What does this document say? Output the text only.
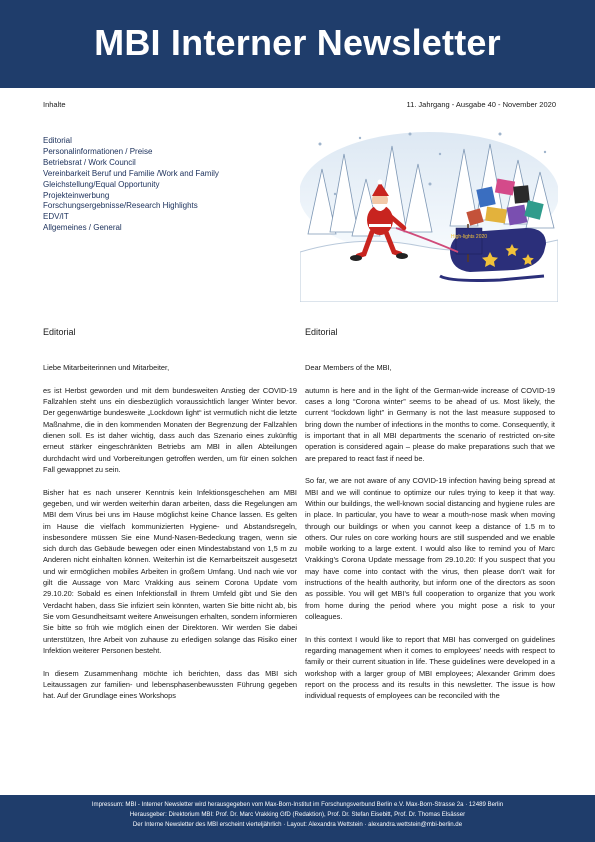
MBI Interner Newsletter
Inhalte	11. Jahrgang - Ausgabe 40 - November 2020
Editorial
Personalinformationen / Preise
Betriebsrat / Work Council
Vereinbarkeit Beruf und Familie /Work and Family
Gleichstellung/Equal Opportunity
Projekteinwerbung
Forschungsergebnisse/Research Highlights
EDV/IT
Allgemeines / General
High-lights 2020
Editorial	Editorial

Liebe Mitarbeiterinnen und Mitarbeiter,

es ist Herbst geworden und mit dem bundesweiten Anstieg der COVID-19 Fallzahlen steht uns ein diesbezüglich voraussichtlich langer Winter bevor. Der gegenwärtige bundesweite „Lockdown light“ ist vermutlich nicht die letzte Maßnahme, die in den kommenden Monaten der Begrenzung der Fallzahlen dienen soll. Es ist daher wichtig, dass auch das Szenario eines zukünftig erneut stärker eingeschränkten Betriebs am MBI in allen Abteilungen durchdacht wird und Vorbereitungen getroffen werden, um für einen solchen Fall gewappnet zu sein.

Bisher hat es nach unserer Kenntnis kein Infektionsgeschehen am MBI gegeben, und wir werden weiterhin daran arbeiten, dass die Regelungen am MBI dem Virus bei uns im Hause möglichst keine Chance lassen. Es gelten im Hause die vielfach kommunizierten Hygiene- und Abstandsregeln, insbesondere müssen Sie eine Mund-Nasen-Bedeckung tragen, wenn sie sich durch das Gebäude bewegen oder einen Mindestabstand von 1,5 m zu Anderen nicht einhalten können. Weiterhin ist die Kernarbeitszeit ausgesetzt und wir ermöglichen mobiles Arbeiten in großem Umfang. Und nach wie vor gilt die Aussage von Marc Vrakking aus seinem Corona Update vom 29.10.20: Sobald es einen Infektionsfall in Ihrem Umfeld gibt und Sie den Verdacht haben, dass Sie infiziert sein könnten, warten Sie bitte nicht ab, bis Sie vom Gesundheitsamt weitere Anweisungen erhalten, sondern informieren Sie bitte so früh wie möglich einen der Direktoren. Wir werden Sie dabei unterstützen, Ihre Arbeit von zuhause zu erledigen solange das Risiko einer Infektion weiterer Personen besteht.

In diesem Zusammenhang möchte ich berichten, dass das MBI sich Leitaussagen zur familien- und lebensphasenbewussten Führung gegeben hat. Auf der Grundlage eines Workshops

Dear Members of the MBI,

autumn is here and in the light of the German-wide increase of COVID-19 cases a long “Corona winter” seems to be ahead of us. Most likely, the current “lockdown light” in Germany is not the last measure supposed to bring down the number of infections in the months to come. Consequently, it is important that in all MBI departments the scenario of restricted on-site operation is considered again – please do make preparations such that we are prepared to react fast if need be.

So far, we are not aware of any COVID-19 infection having being spread at MBI and we will continue to optimize our rules trying to keep it that way. Within our buildings, the well-known social distancing and hygiene rules are in place. In particular, you have to wear a mouth-nose mask when moving through our buildings or when you cannot keep a distance of 1.5 m to others. Our rules on core working hours are still suspended and we enable mobile working to a large extent. I would also like to remind you of Marc Vrakking’s Corona Update message from 29.10.20: If you suspect that you may have come into contact with the virus, then please don’t wait for instructions of the health authority, but inform one of the directors as soon as possible. You will get MBI’s full cooperation to organize that you work from home during the period where you might pose a risk to your colleagues.

In this context I would like to report that MBI has converged on guidelines regarding management when it comes to employees’ needs with respect to family or their current situation in life. These guidelines were developed in a workshop with a larger group of MBI employees; Alexander Grimm does report on the process and its results in this newsletter. The issue is how individual requests of employees can be reconciled with the

Impressum: MBI - Interner Newsletter wird herausgegeben vom Max-Born-Institut im Forschungsverbund Berlin e.V. Max-Born-Strasse 2a · 12489 Berlin
Herausgeber: Direktorium MBI: Prof. Dr. Marc Vrakking GfD (Redaktion), Prof. Dr. Stefan Eisebitt, Prof. Dr. Thomas Elsässer
Der Interne Newsletter des MBI erscheint vierteljährlich · Layout: Alexandra Wettstein · alexandra.wettstein@mbi-berlin.de
